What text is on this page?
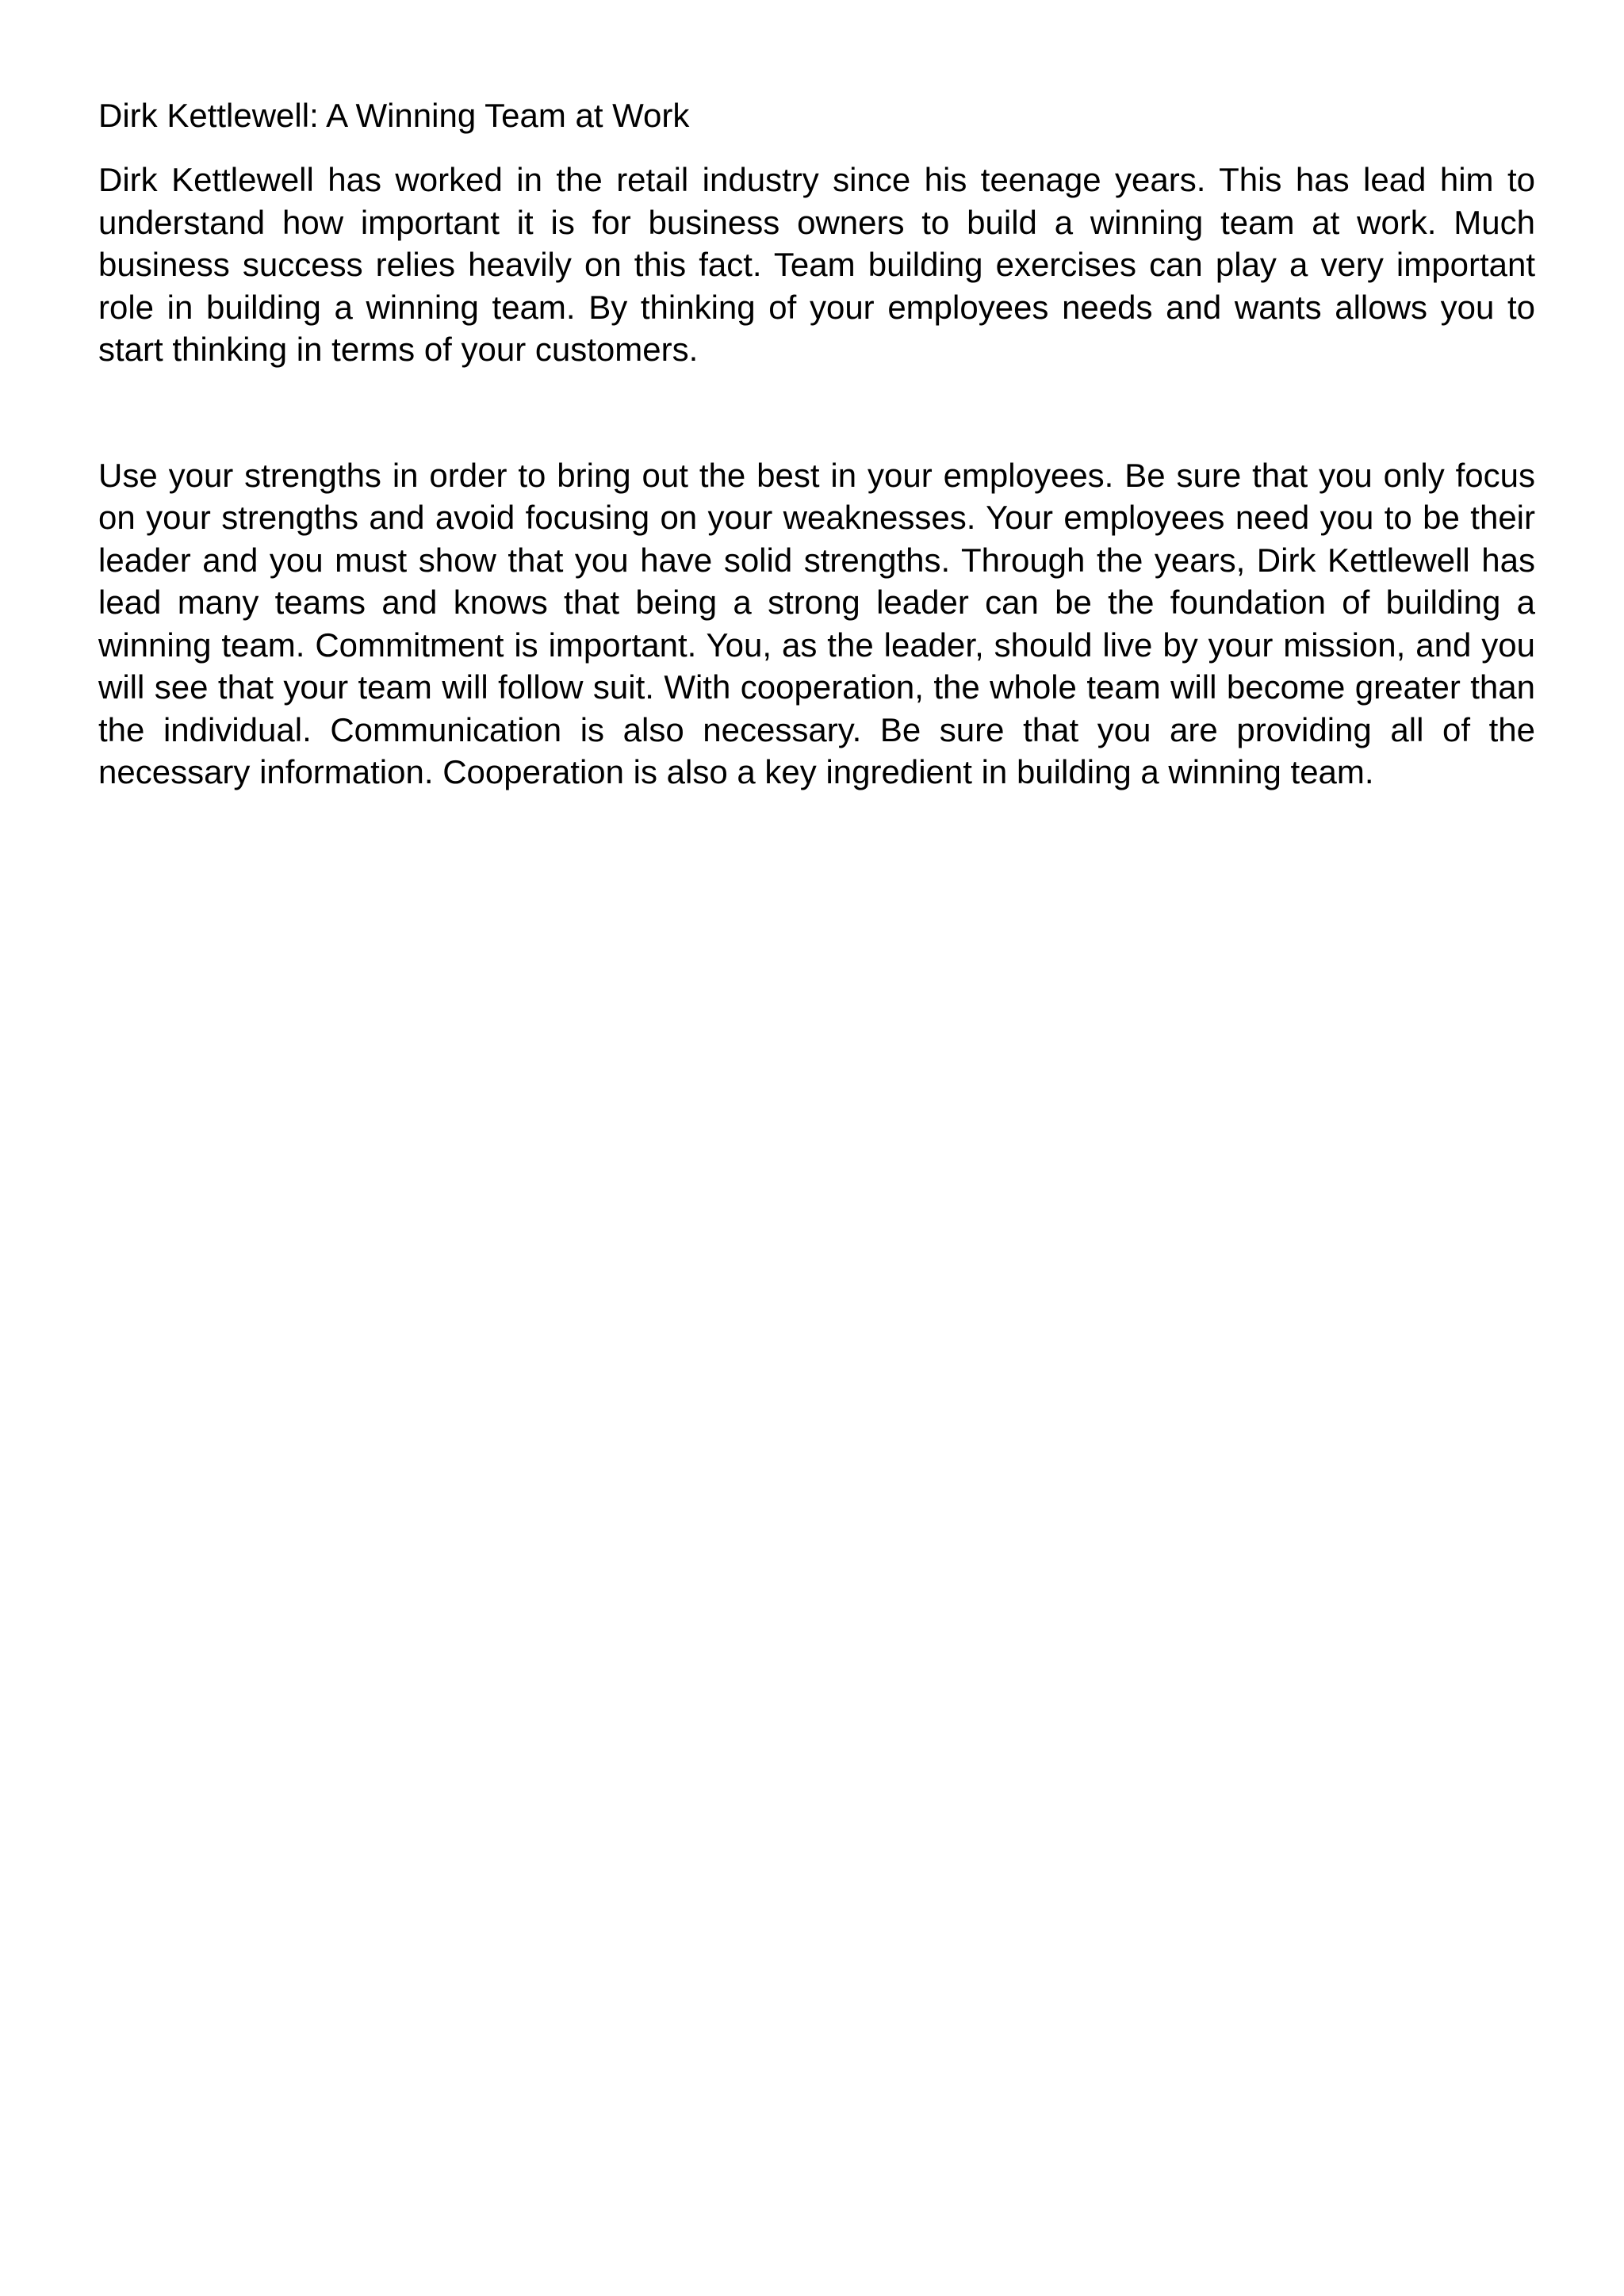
Dirk Kettlewell: A Winning Team at Work

Dirk Kettlewell has worked in the retail industry since his teenage years. This has lead him to understand how important it is for business owners to build a winning team at work. Much business success relies heavily on this fact. Team building exercises can play a very important role in building a winning team. By thinking of your employees needs and wants allows you to start thinking in terms of your customers.

Use your strengths in order to bring out the best in your employees. Be sure that you only focus on your strengths and avoid focusing on your weaknesses. Your employees need you to be their leader and you must show that you have solid strengths. Through the years, Dirk Kettlewell has lead many teams and knows that being a strong leader can be the foundation of building a winning team. Commitment is important. You, as the leader, should live by your mission, and you will see that your team will follow suit. With cooperation, the whole team will become greater than the individual. Communication is also necessary. Be sure that you are providing all of the necessary information. Cooperation is also a key ingredient in building a winning team.
